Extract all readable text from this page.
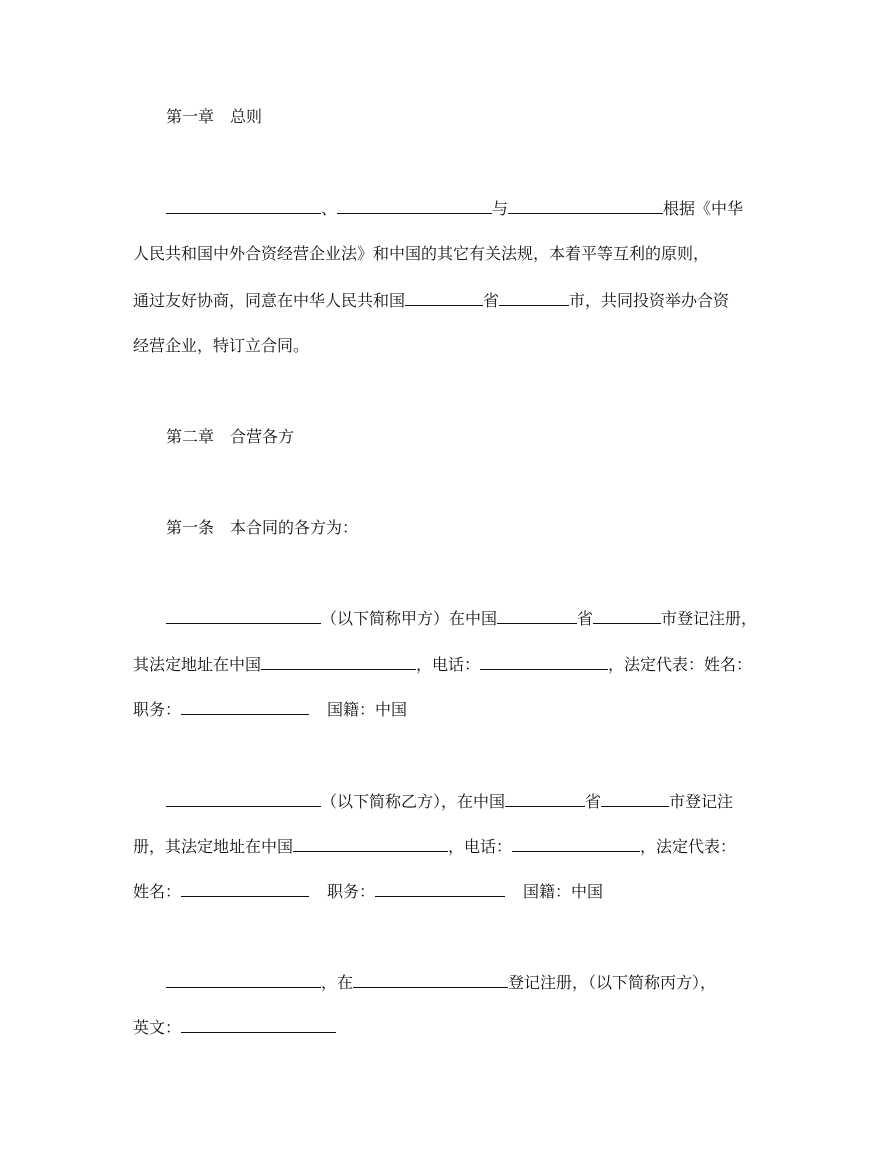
第一章　总则
、	与	根据《中华
人民共和国中外合资经营企业法》和中国的其它有关法规，本着平等互利的原则，
通过友好协商，同意在中华人民共和国	省	市，共同投资举办合资
经营企业，特订立合同。
第二章　合营各方
第一条　本合同的各方为：
（以下简称甲方）在中国	省	市登记注册，
其法定地址在中国	，电话：	，法定代表：姓名：
职务：	国籍：中国
（以下简称乙方），在中国	省	市登记注
册，其法定地址在中国	，电话：	，法定代表：
姓名：	职务：	国籍：中国
，在	登记注册，（以下简称丙方），
英文：
